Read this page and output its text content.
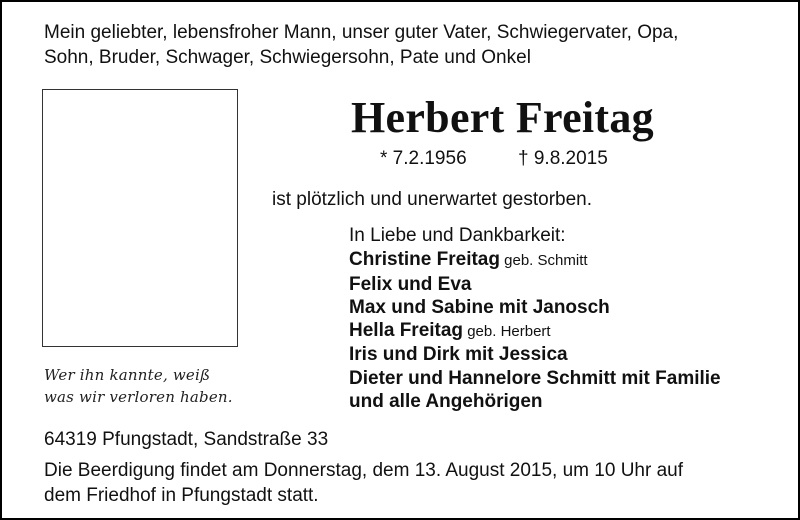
Mein geliebter, lebensfroher Mann, unser guter Vater, Schwiegervater, Opa,
Sohn, Bruder, Schwager, Schwiegersohn, Pate und Onkel

Wer ihn kannte, weiß
was wir verloren haben.
Herbert Freitag
* 7.2.1956	† 9.8.2015

ist plötzlich und unerwartet gestorben.

In Liebe und Dankbarkeit:
Christine Freitag geb. Schmitt
Felix und Eva
Max und Sabine mit Janosch
Hella Freitag geb. Herbert
Iris und Dirk mit Jessica
Dieter und Hannelore Schmitt mit Familie
und alle Angehörigen

64319 Pfungstadt, Sandstraße 33

Die Beerdigung findet am Donnerstag, dem 13. August 2015, um 10 Uhr auf
dem Friedhof in Pfungstadt statt.
